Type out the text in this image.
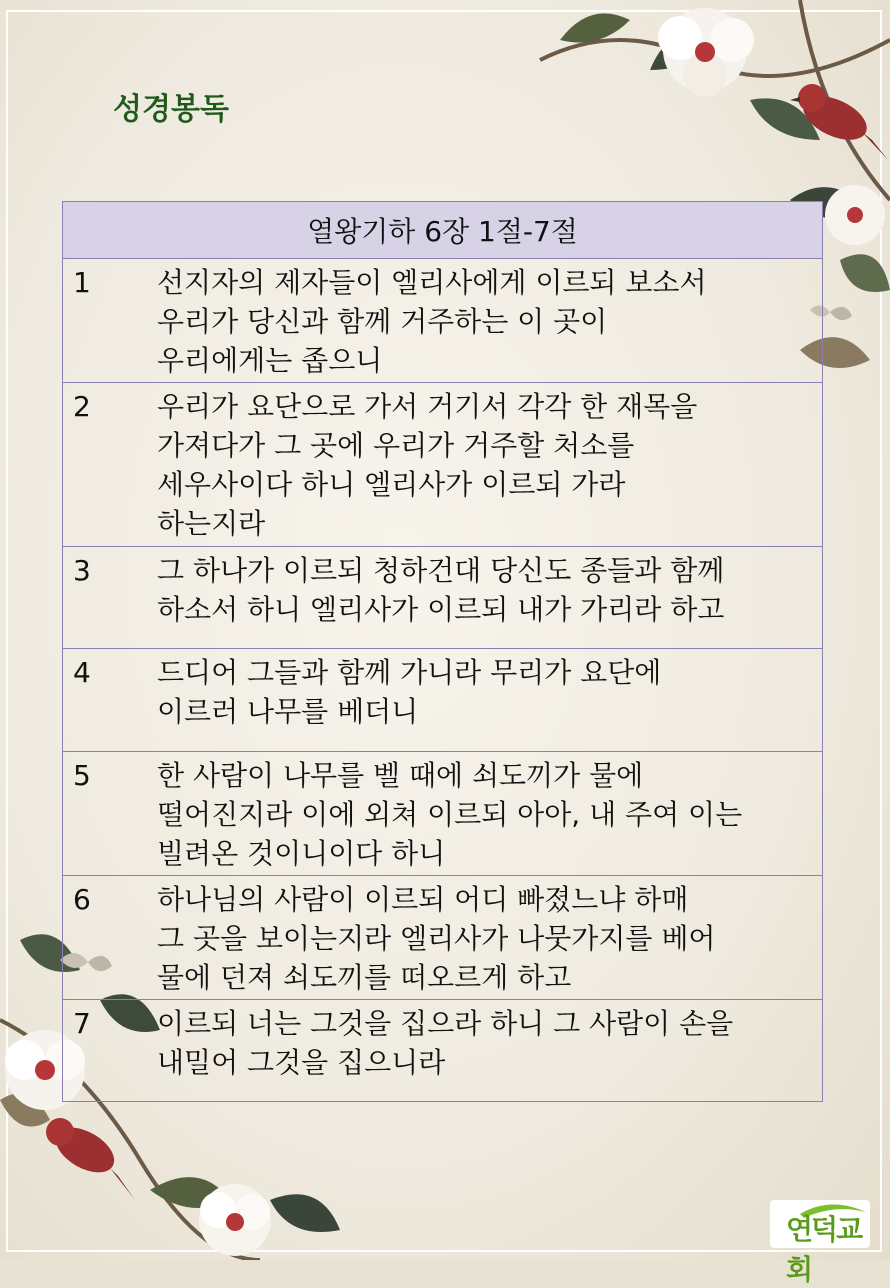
성경봉독
열왕기하 6장 1절-7절	
1	선지자의 제자들이 엘리사에게 이르되 보소서
우리가 당신과 함께 거주하는 이 곳이
우리에게는 좁으니
2	우리가 요단으로 가서 거기서 각각 한 재목을
가져다가 그 곳에 우리가 거주할 처소를
세우사이다 하니 엘리사가 이르되 가라
하는지라
3	그 하나가 이르되 청하건대 당신도 종들과 함께
하소서 하니 엘리사가 이르되 내가 가리라 하고
4	드디어 그들과 함께 가니라 무리가 요단에
이르러 나무를 베더니
5	한 사람이 나무를 벨 때에 쇠도끼가 물에
떨어진지라 이에 외쳐 이르되 아아, 내 주여 이는
빌려온 것이니이다 하니
6	하나님의 사람이 이르되 어디 빠졌느냐 하매
그 곳을 보이는지라 엘리사가 나뭇가지를 베어
물에 던져 쇠도끼를 떠오르게 하고
7	이르되 너는 그것을 집으라 하니 그 사람이 손을
내밀어 그것을 집으니라
연덕교회
